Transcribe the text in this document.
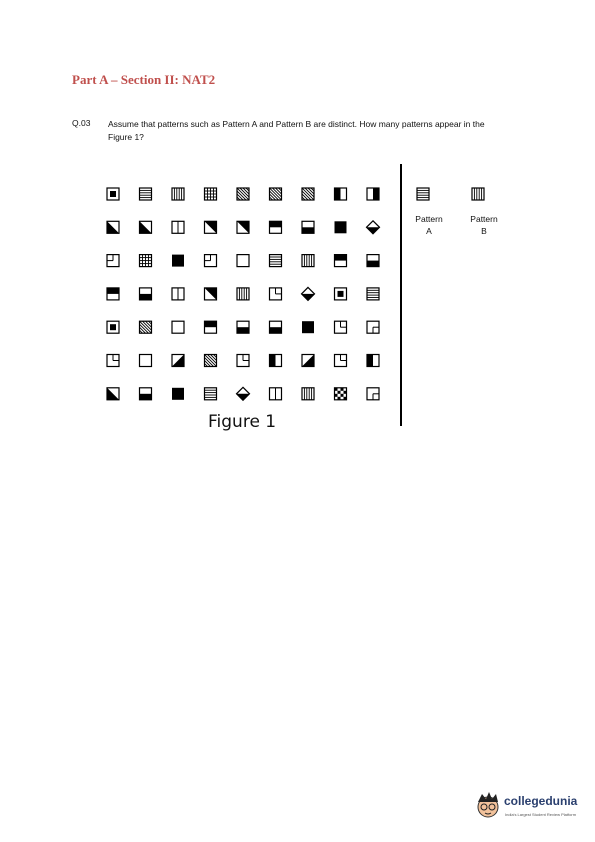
Part A – Section II: NAT2
Q.03 Assume that patterns such as Pattern A and Pattern B are distinct. How many patterns appear in the Figure 1?
Figure 1
Pattern
A
Pattern
B
collegedunia
India's Largest Student Review Platform
